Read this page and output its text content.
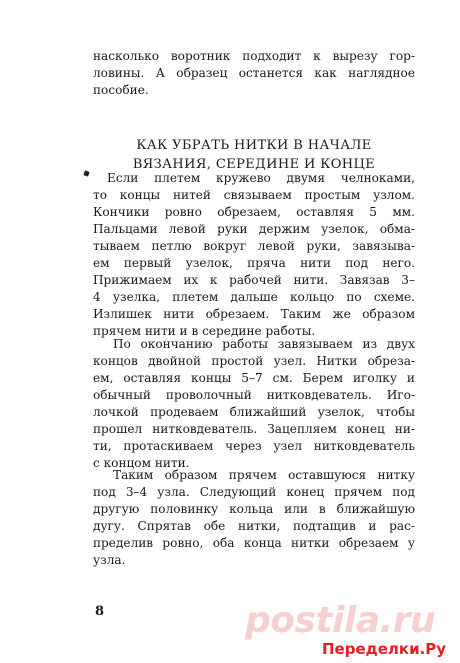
насколько воротник подходит к вырезу гор-
ловины. А образец останется как наглядное
пособие.
КАК УБРАТЬ НИТКИ В НАЧАЛЕ
ВЯЗАНИЯ, СЕРЕДИНЕ И КОНЦЕ
Если плетем кружево двумя челноками,
то концы нитей связываем простым узлом.
Кончики ровно обрезаем, оставляя 5 мм.
Пальцами левой руки держим узелок, обма-
тываем петлю вокруг левой руки, завязыва-
ем первый узелок, пряча нити под него.
Прижимаем их к рабочей нити. Завязав 3–
4 узелка, плетем дальше кольцо по схеме.
Излишек нити обрезаем. Таким же образом
прячем нити и в середине работы.
По окончанию работы завязываем из двух
концов двойной простой узел. Нитки обреза-
ем, оставляя концы 5–7 см. Берем иголку и
обычный проволочный нитковдеватель. Иго-
лочкой продеваем ближайший узелок, чтобы
прошел нитковдеватель. Зацепляем конец ни-
ти, протаскиваем через узел нитковдеватель
с концом нити.
Таким образом прячем оставшуюся нитку
под 3–4 узла. Следующий конец прячем под
другую половинку кольца или в ближайшую
дугу. Спрятав обе нитки, подтащив и рас-
пределив ровно, оба конца нитки обрезаем у
узла.
8	postila.ru
Переделки.Ру
